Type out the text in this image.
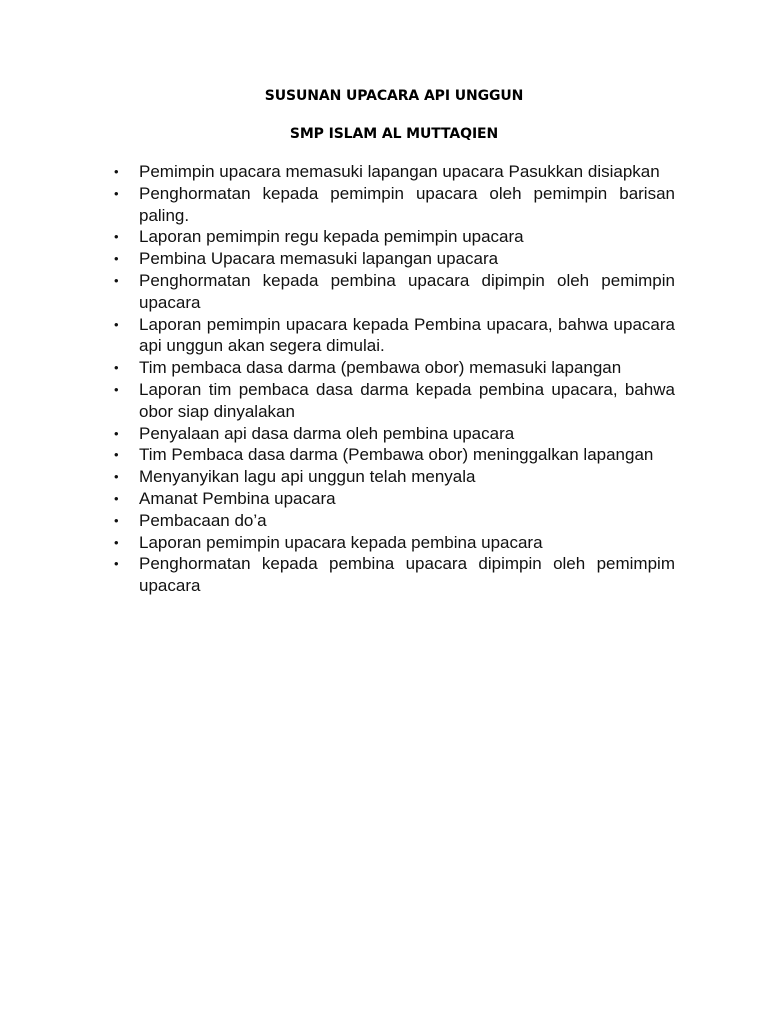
SUSUNAN UPACARA API UNGGUN
SMP ISLAM AL MUTTAQIEN
• Pemimpin upacara memasuki lapangan upacara Pasukkan disiapkan
• Penghormatan kepada pemimpin upacara oleh pemimpin barisan paling.
• Laporan pemimpin regu kepada pemimpin upacara
• Pembina Upacara memasuki lapangan upacara
• Penghormatan kepada pembina upacara dipimpin oleh pemimpin upacara
• Laporan pemimpin upacara kepada Pembina upacara, bahwa upacara api unggun akan segera dimulai.
• Tim pembaca dasa darma (pembawa obor) memasuki lapangan
• Laporan tim pembaca dasa darma kepada pembina upacara, bahwa obor siap dinyalakan
• Penyalaan api dasa darma oleh pembina upacara
• Tim Pembaca dasa darma (Pembawa obor) meninggalkan lapangan
• Menyanyikan lagu api unggun telah menyala
• Amanat Pembina upacara
• Pembacaan do’a
• Laporan pemimpin upacara kepada pembina upacara
• Penghormatan kepada pembina upacara dipimpin oleh pemimpim upacara
